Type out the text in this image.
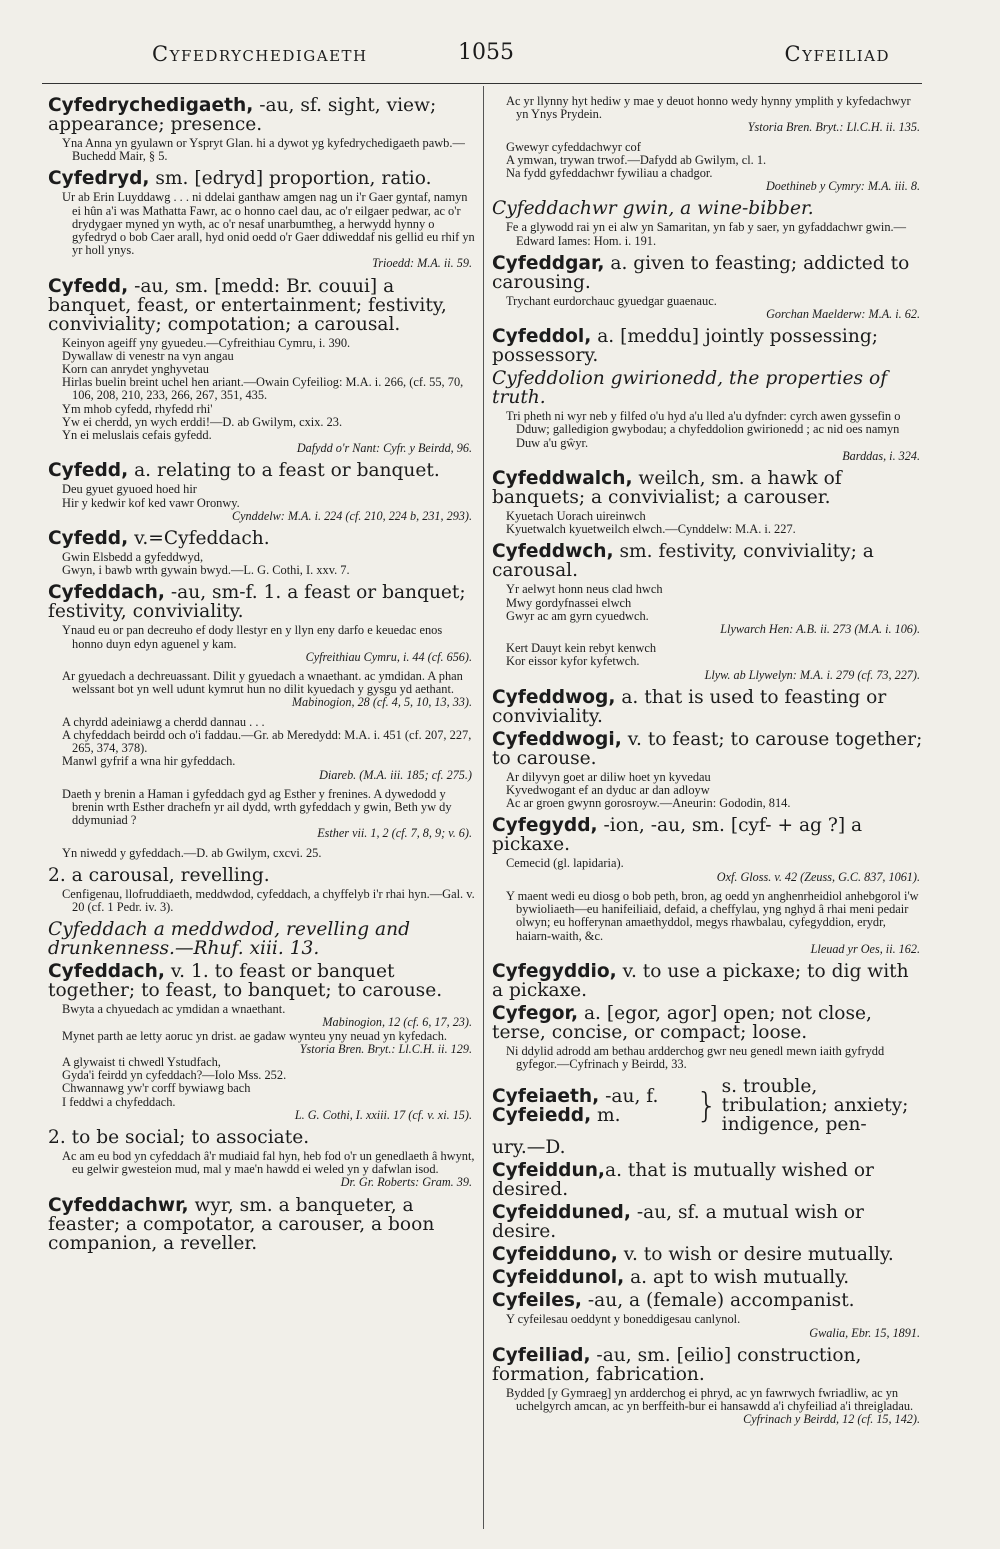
Cyfedrychedigaeth	1055	Cyfeiliad
Cyfedrychedigaeth, -au, sf. sight, view; appearance; presence.
Yna Anna yn gyulawn or Yspryt Glan. hi a dywot yg kyfedrychedigaeth pawb.—Buchedd Mair, § 5.
Cyfedryd, sm. [edryd] proportion, ratio.
Ur ab Erin Luyddawg . . . ni ddelai ganthaw amgen nag un i'r Gaer gyntaf, namyn ei hûn a'i was Mathatta Fawr, ac o honno cael dau, ac o'r eilgaer pedwar, ac o'r drydygaer myned yn wyth, ac o'r nesaf unarbumtheg, a herwydd hynny o gyfedryd o bob Caer arall, hyd onid oedd o'r Gaer ddiweddaf nis gellid eu rhif yn yr holl ynys.
Trioedd: M.A. ii. 59.
Cyfedd, -au, sm. [medd: Br. couui] a banquet, feast, or entertainment; festivity, conviviality; compotation; a carousal.
Keinyon ageiff yny gyuedeu.—Cyfreithiau Cymru, i. 390.
Dywallaw di venestr na vyn angau
Korn can anrydet ynghyvetau
Hirlas buelin breint uchel hen ariant.—Owain Cyfeiliog: M.A. i. 266, (cf. 55, 70, 106, 208, 210, 233, 266, 267, 351, 435.
Ym mhob cyfedd, rhyfedd rhi'
Yw ei cherdd, yn wych erddi!—D. ab Gwilym, cxix. 23.
Yn ei meluslais cefais gyfedd.
Dafydd o'r Nant: Cyfr. y Beirdd, 96.
Cyfedd, a. relating to a feast or banquet.
Deu gyuet gyuoed hoed hir
Hir y kedwir kof ked vawr Oronwy.
Cynddelw: M.A. i. 224 (cf. 210, 224 b, 231, 293).
Cyfedd, v.=Cyfeddach.
Gwin Elsbedd a gyfeddwyd,
Gwyn, i bawb wrth gywain bwyd.—L. G. Cothi, I. xxv. 7.
Cyfeddach, -au, sm-f. 1. a feast or banquet; festivity, conviviality.
Ynaud eu or pan decreuho ef dody llestyr en y llyn eny darfo e keuedac enos honno duyn edyn aguenel y kam.
Cyfreithiau Cymru, i. 44 (cf. 656).
Ar gyuedach a dechreuassant. Dilit y gyuedach a wnaethant. ac ymdidan. A phan welssant bot yn well udunt kymrut hun no dilit kyuedach y gysgu yd aethant.
Mabinogion, 28 (cf. 4, 5, 10, 13, 33).
A chyrdd adeiniawg a cherdd dannau . . .
A chyfeddach beirdd och o'i faddau.—Gr. ab Meredydd: M.A. i. 451 (cf. 207, 227, 265, 374, 378).
Manwl gyfrif a wna hir gyfeddach.
Diareb. (M.A. iii. 185; cf. 275.)
Daeth y brenin a Haman i gyfeddach gyd ag Esther y frenines. A dywedodd y brenin wrth Esther drachefn yr ail dydd, wrth gyfeddach y gwin, Beth yw dy ddymuniad ?
Esther vii. 1, 2 (cf. 7, 8, 9; v. 6).
Yn niwedd y gyfeddach.—D. ab Gwilym, cxcvi. 25.
2. a carousal, revelling.
Cenfigenau, llofruddiaeth, meddwdod, cyfeddach, a chyffelyb i'r rhai hyn.—Gal. v. 20 (cf. 1 Pedr. iv. 3).
Cyfeddach a meddwdod, revelling and drunkenness.—Rhuf. xiii. 13.
Cyfeddach, v. 1. to feast or banquet together; to feast, to banquet; to carouse.
Bwyta a chyuedach ac ymdidan a wnaethant.
Mabinogion, 12 (cf. 6, 17, 23).
Mynet parth ae letty aoruc yn drist. ae gadaw wynteu yny neuad yn kyfedach.
Ystoria Bren. Bryt.: Ll.C.H. ii. 129.
A glywaist ti chwedl Ystudfach,
Gyda'i feirdd yn cyfeddach?—Iolo Mss. 252.
Chwannawg yw'r corff bywiawg bach
I feddwi a chyfeddach.
L. G. Cothi, I. xxiii. 17 (cf. v. xi. 15).
2. to be social; to associate.
Ac am eu bod yn cyfeddach â'r mudiaid fal hyn, heb fod o'r un genedlaeth â hwynt, eu gelwir gwesteion mud, mal y mae'n hawdd ei weled yn y dafwlan isod.
Dr. Gr. Roberts: Gram. 39.
Cyfeddachwr, wyr, sm. a banqueter, a feaster; a compotator, a carouser, a boon companion, a reveller.
Ac yr llynny hyt hediw y mae y deuot honno wedy hynny ymplith y kyfedachwyr yn Ynys Prydein.
Ystoria Bren. Bryt.: Ll.C.H. ii. 135.
Gwewyr cyfeddachwyr cof
A ymwan, trywan trwof.—Dafydd ab Gwilym, cl. 1.
Na fydd gyfeddachwr fywiliau a chadgor.
Doethineb y Cymry: M.A. iii. 8.
Cyfeddachwr gwin, a wine-bibber.
Fe a glywodd rai yn ei alw yn Samaritan, yn fab y saer, yn gyfaddachwr gwin.—Edward Iames: Hom. i. 191.
Cyfeddgar, a. given to feasting; addicted to carousing.
Trychant eurdorchauc gyuedgar guaenauc.
Gorchan Maelderw: M.A. i. 62.
Cyfeddol, a. [meddu] jointly possessing; possessory.
Cyfeddolion gwirionedd, the properties of truth.
Tri pheth ni wyr neb y filfed o'u hyd a'u lled a'u dyfnder: cyrch awen gyssefin o Dduw; galledigion gwybodau; a chyfeddolion gwirionedd ; ac nid oes namyn Duw a'u gŵyr.
Barddas, i. 324.
Cyfeddwalch, weilch, sm. a hawk of banquets; a convivialist; a carouser.
Kyuetach Uorach uireinwch
Kyuetwalch kyuetweilch elwch.—Cynddelw: M.A. i. 227.
Cyfeddwch, sm. festivity, conviviality; a carousal.
Yr aelwyt honn neus clad hwch
Mwy gordyfnassei elwch
Gwyr ac am gyrn cyuedwch.
Llywarch Hen: A.B. ii. 273 (M.A. i. 106).
Kert Dauyt kein rebyt kenwch
Kor eissor kyfor kyfetwch.
Llyw. ab Llywelyn: M.A. i. 279 (cf. 73, 227).
Cyfeddwog, a. that is used to feasting or conviviality.
Cyfeddwogi, v. to feast; to carouse together; to carouse.
Ar dilyvyn goet ar diliw hoet yn kyvedau
Kyvedwogant ef an dyduc ar dan adloyw
Ac ar groen gwynn gorosroyw.—Aneurin: Gododin, 814.
Cyfegydd, -ion, -au, sm. [cyf- + ag ?] a pickaxe.
Cemecid (gl. lapidaria).
Oxf. Gloss. v. 42 (Zeuss, G.C. 837, 1061).
Y maent wedi eu diosg o bob peth, bron, ag oedd yn anghenrheidiol anhebgorol i'w bywioliaeth—eu hanifeiliaid, defaid, a cheffylau, yng nghyd â rhai meni pedair olwyn; eu hofferynan amaethyddol, megys rhawbalau, cyfegyddion, erydr, haiarn-waith, &c.
Lleuad yr Oes, ii. 162.
Cyfegyddio, v. to use a pickaxe; to dig with a pickaxe.
Cyfegor, a. [egor, agor] open; not close, terse, concise, or compact; loose.
Ni ddylid adrodd am bethau ardderchog gwr neu genedl mewn iaith gyfrydd gyfegor.—Cyfrinach y Beirdd, 33.
Cyfeiaeth, -au, f.
Cyfeiedd, m.	} s. trouble, tribulation; anxiety; indigence, pen-
ury.—D.
Cyfeiddun,a. that is mutually wished or desired.
Cyfeidduned, -au, sf. a mutual wish or desire.
Cyfeidduno, v. to wish or desire mutually.
Cyfeiddunol, a. apt to wish mutually.
Cyfeiles, -au, a (female) accompanist.
Y cyfeilesau oeddynt y boneddigesau canlynol.
Gwalia, Ebr. 15, 1891.
Cyfeiliad, -au, sm. [eilio] construction, formation, fabrication.
Bydded [y Gymraeg] yn ardderchog ei phryd, ac yn fawrwych fwriadliw, ac yn uchelgyrch amcan, ac yn berffeith-bur ei hansawdd a'i chyfeiliad a'i threigladau.
Cyfrinach y Beirdd, 12 (cf. 15, 142).
